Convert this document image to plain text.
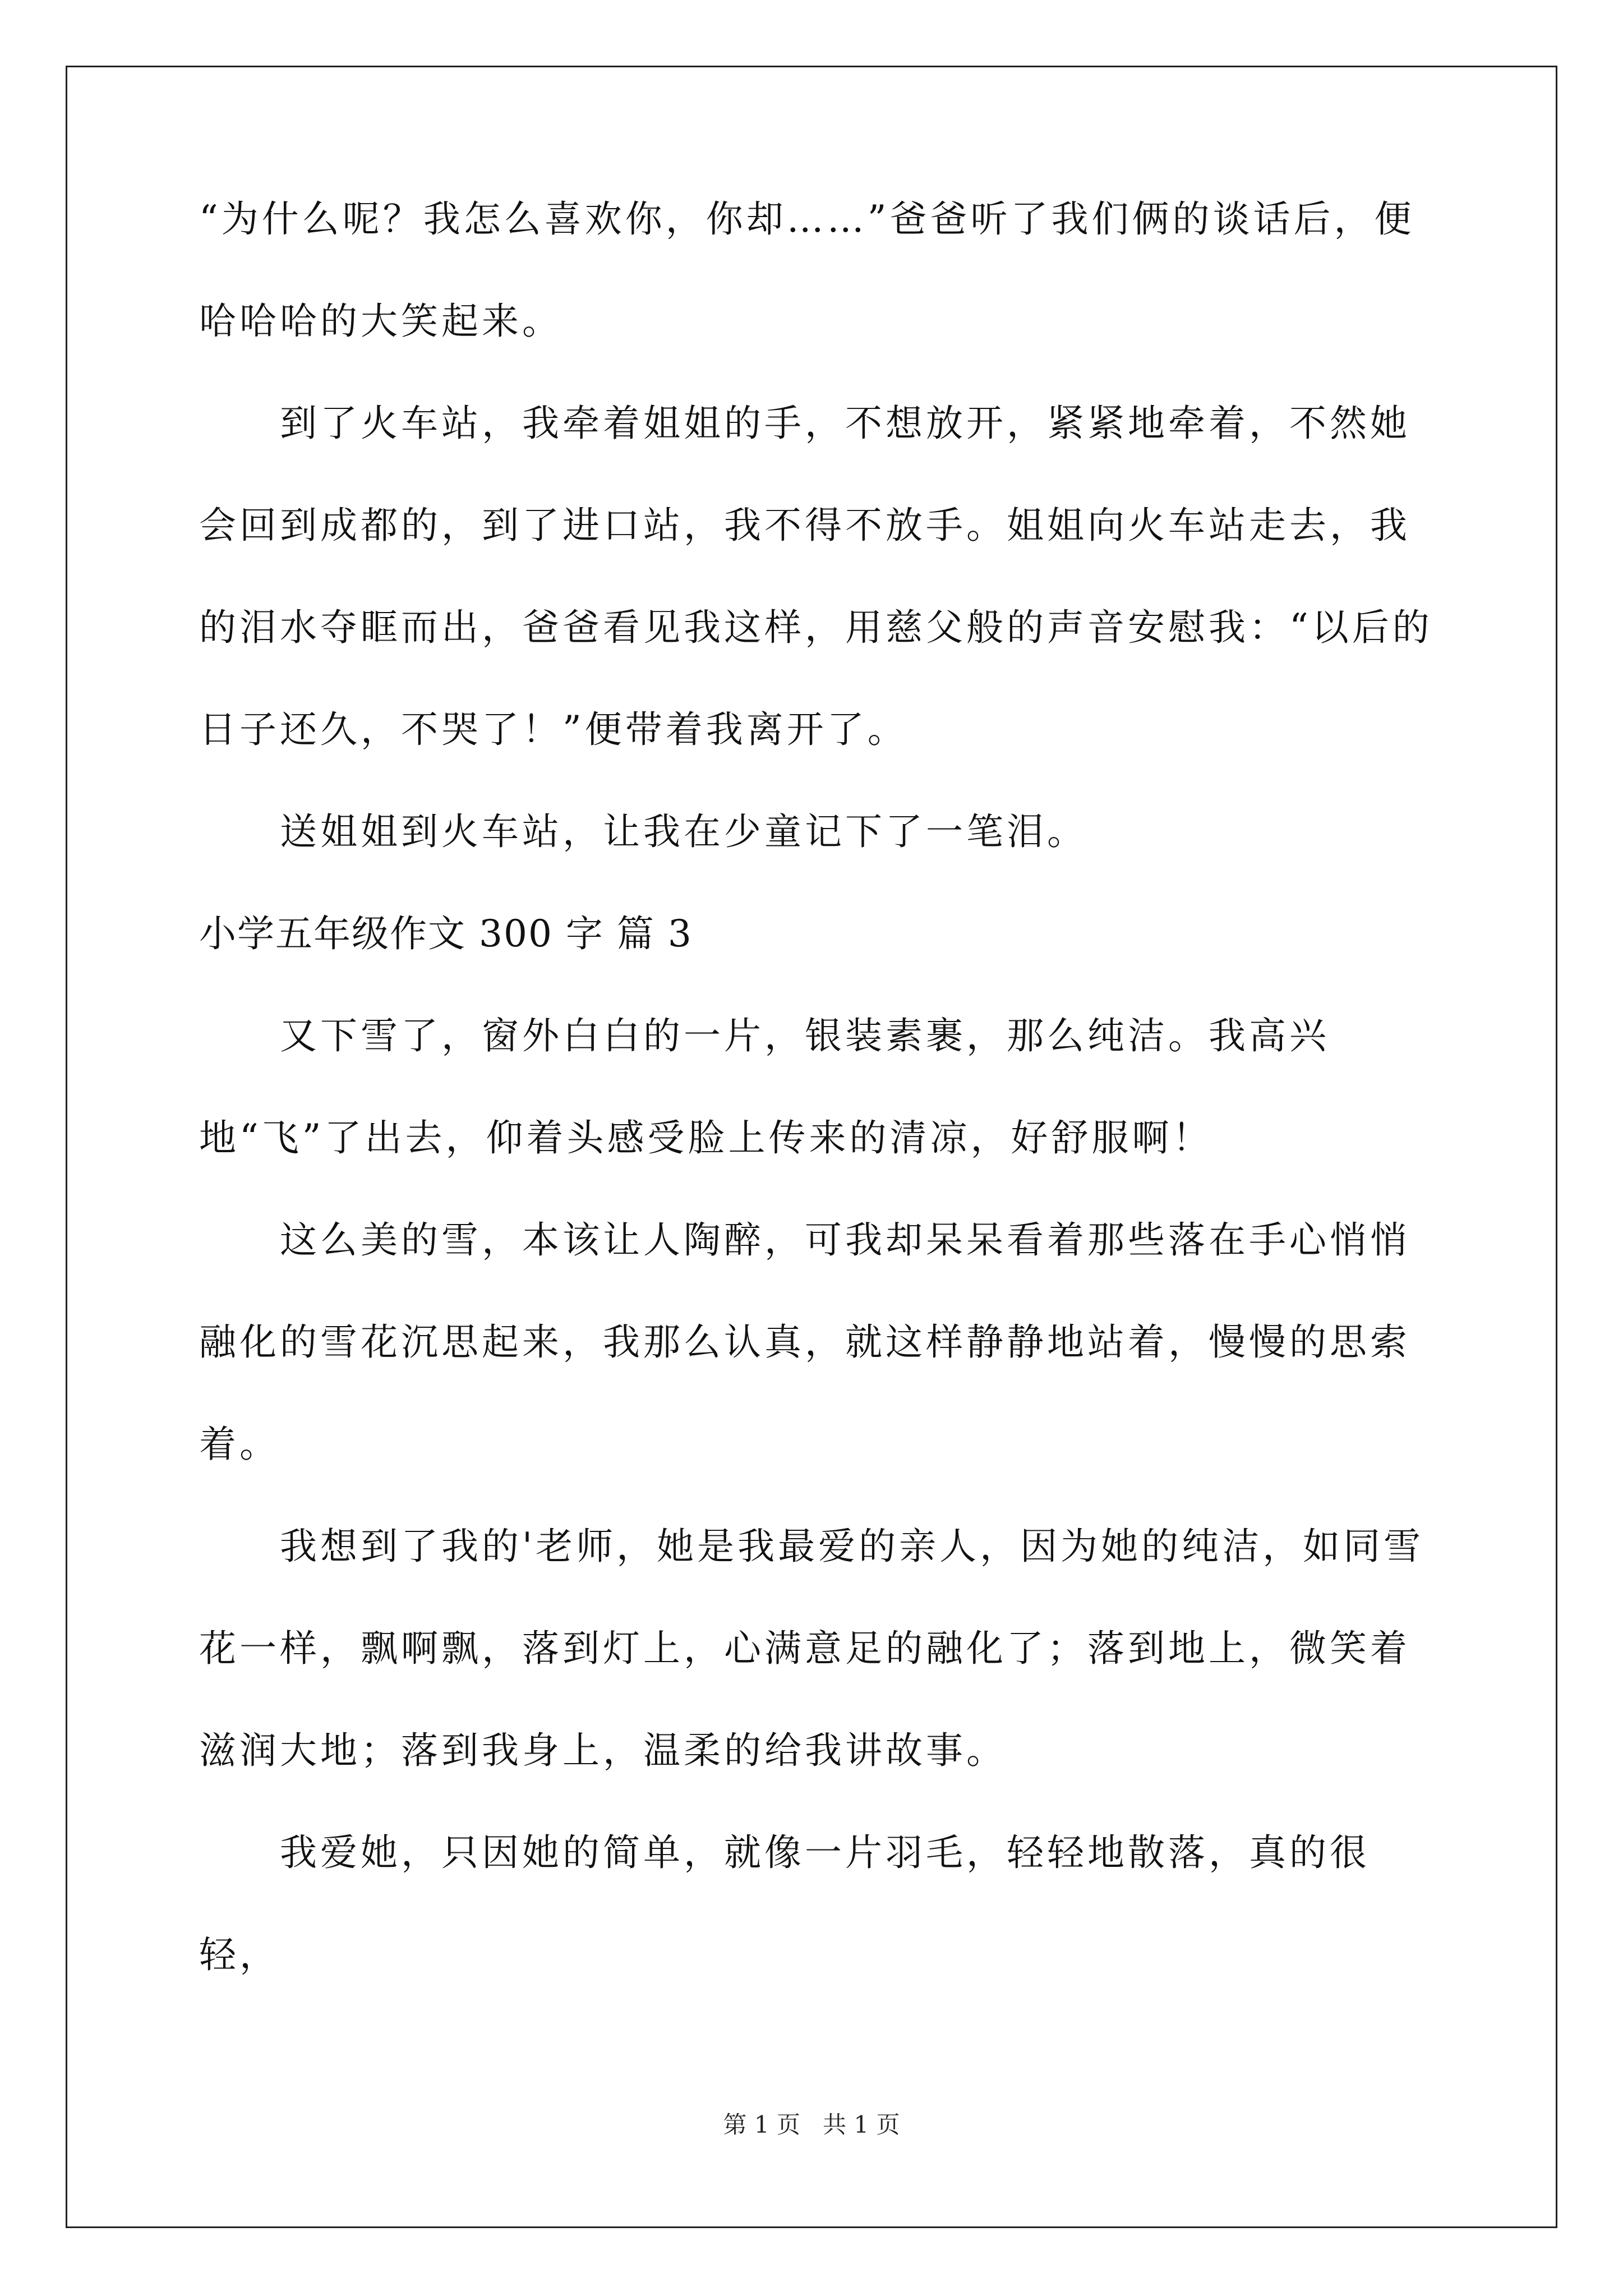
“为什么呢？我怎么喜欢你，你却……”爸爸听了我们俩的谈话后，便哈哈哈的大笑起来。

到了火车站，我牵着姐姐的手，不想放开，紧紧地牵着，不然她会回到成都的，到了进口站，我不得不放手。姐姐向火车站走去，我的泪水夺眶而出，爸爸看见我这样，用慈父般的声音安慰我：“以后的日子还久，不哭了！”便带着我离开了。

送姐姐到火车站，让我在少童记下了一笔泪。

小学五年级作文 300 字 篇 3

又下雪了，窗外白白的一片，银装素裹，那么纯洁。我高兴地“飞”了出去，仰着头感受脸上传来的清凉，好舒服啊！

这么美的雪，本该让人陶醉，可我却呆呆看着那些落在手心悄悄融化的雪花沉思起来，我那么认真，就这样静静地站着，慢慢的思索着。

我想到了我的'老师，她是我最爱的亲人，因为她的纯洁，如同雪花一样，飘啊飘，落到灯上，心满意足的融化了；落到地上，微笑着滋润大地；落到我身上，温柔的给我讲故事。

我爱她，只因她的简单，就像一片羽毛，轻轻地散落，真的很轻，

第 1 页   共 1 页
